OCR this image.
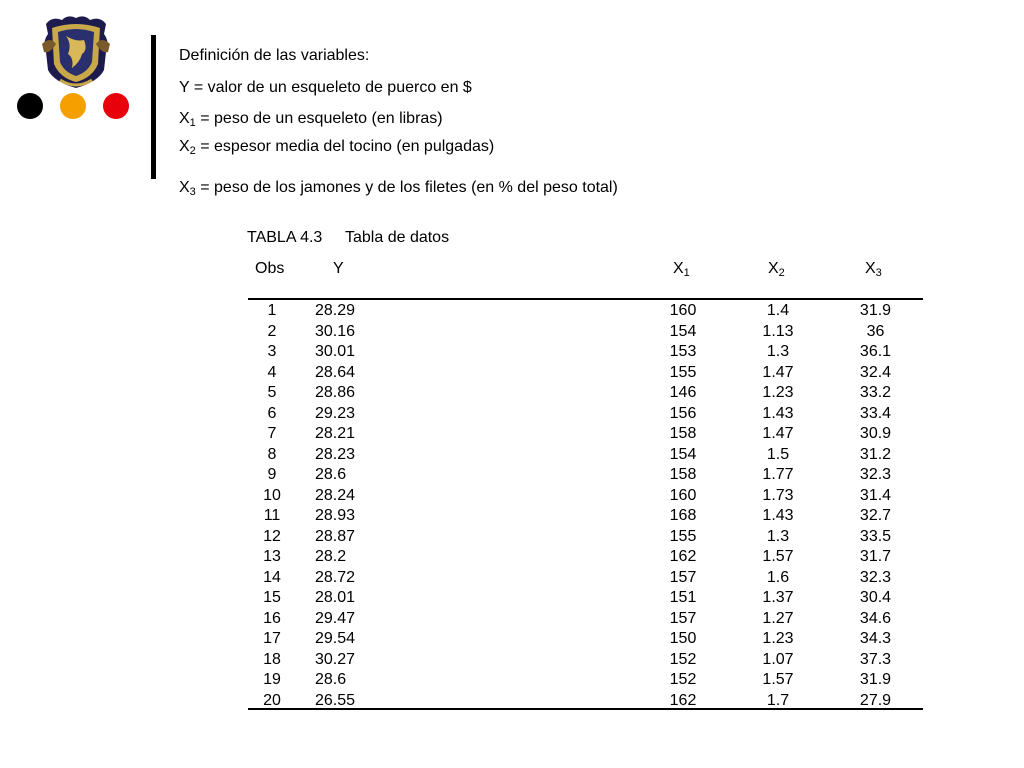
Definición de las variables:
Y = valor de un esqueleto de puerco en $
$X_1$ = peso de un esqueleto (en libras)
$X_2$ = espesor media del tocino (en pulgadas)
$X_3$ = peso de los jamones y de los filetes (en % del peso total)
TABLA 4.3 Tabla de datos
Obs	Y	$X_1$	$X_2$	$X_3$
1	28.29	160	1.4	31.9
2	30.16	154	1.13	36
3	30.01	153	1.3	36.1
4	28.64	155	1.47	32.4
5	28.86	146	1.23	33.2
6	29.23	156	1.43	33.4
7	28.21	158	1.47	30.9
8	28.23	154	1.5	31.2
9	28.6	158	1.77	32.3
10	28.24	160	1.73	31.4
11	28.93	168	1.43	32.7
12	28.87	155	1.3	33.5
13	28.2	162	1.57	31.7
14	28.72	157	1.6	32.3
15	28.01	151	1.37	30.4
16	29.47	157	1.27	34.6
17	29.54	150	1.23	34.3
18	30.27	152	1.07	37.3
19	28.6	152	1.57	31.9
20	26.55	162	1.7	27.9
